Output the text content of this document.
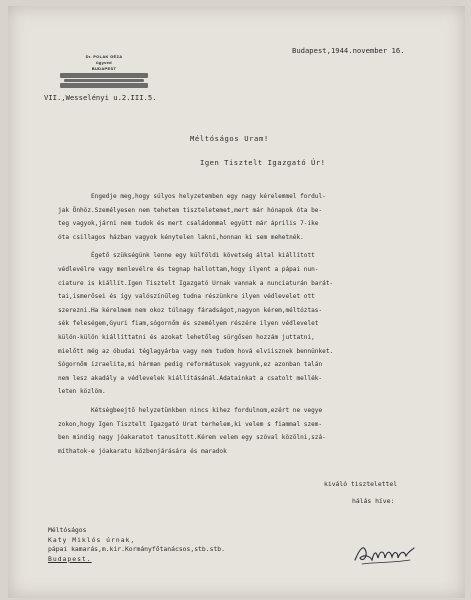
Dr. POLAK GÉZA
ügyvéd
BUDAPEST
VII.,Wesselényi u.2.III.5.
Budapest,1944.november 16.
Méltóságos Uram!
Igen Tisztelt Igazgató Úr!

Engedje meg,hogy súlyos helyzetemben egy nagy kérelemmel fordul-

jak Önhöz.Személyesen nem tehetem tiszteletemet,mert már hónapok óta be-

teg vagyok,járni nem tudok és mert családommal együtt már április 7-ike

óta csillagos házban vagyok kénytelen lakni,honnan ki sem mehetnék.

Égető szükségünk lenne egy külföldi követség által kiállított

védlevélre vagy menlevélre és tegnap hallottam,hogy ilyent a pápai nun-

ciature is kiállít.Igen Tisztelt Igazgató Urnak vannak a nunciaturán barát-

tai,ismerősei és így valószínűleg tudna részünkre ilyen védlevelet ott

szerezni.Ha kérelmem nem okoz túlnagy fáradságot,nagyon kérem,méltóztas-

sék feleségem,Gyuri fiam,sógornőm és személyem részére ilyen védlevelet

külön-külön kiállíttatni és azokat lehetőleg sürgősen hozzám juttatni,

mielőtt még az óbudai téglagyárba vagy nem tudom hová elviisznek bennünket.

Sógornőm izraelita,mi hárman pedig reformátusok vagyunk,ez azonban talán

nem lesz akadály a védlevelek kiállításánál.Adatainkat a csatolt mellék-

leten közlöm.

Kétségbeejtő helyzetünkben nincs kihez fordulnom,ezért ne vegye

zokon,hogy Igen Tisztelt Igazgató Urat terhelem,ki velem s fiammal szem-

ben mindig nagy jóakaratot tanusított.Kérem velem egy szóval közölni,szá-

míthatok-e jóakaratu közbenjárására és maradok

kiváló tisztelettel
hálás híve:

Méltóságos

Katy Miklós úrnak,

pápai kamarás,m.kir.Kormányfőtanácsos,stb.stb.

Budapest.
